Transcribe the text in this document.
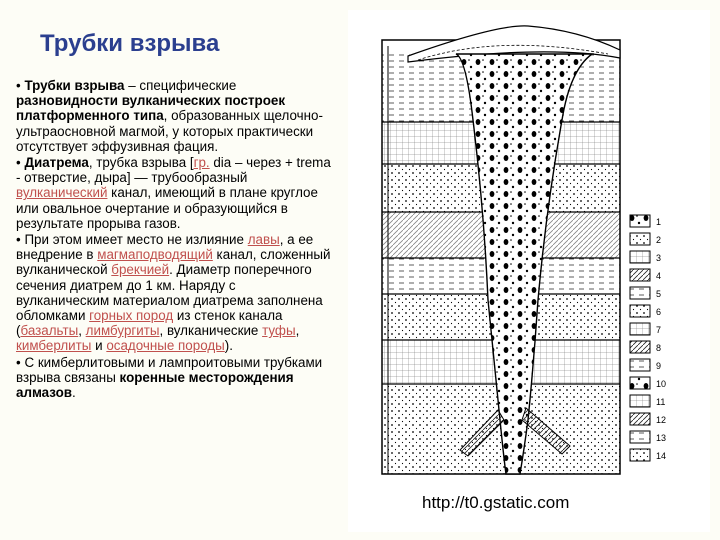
Трубки взрыва

• Трубки взрыва – специфические разновидности вулканических построек платформенного типа, образованных щелочно-ультраосновной магмой, у которых практически отсутствует эффузивная фация.

• Диатрема, трубка взрыва [гр. dia – через + trema - отверстие, дыра] — трубообразный вулканический канал, имеющий в плане круглое или овальное очертание и образующийся в результате прорыва газов.

• При этом имеет место не излияние лавы, а ее внедрение в магмаподводящий канал, сложенный вулканической брекчией. Диаметр поперечного сечения диатрем до 1 км. Наряду с вулканическим материалом диатрема заполнена обломками горных пород из стенок канала (базальты, лимбургиты, вулканические туфы, кимберлиты и осадочные породы).

• С кимберлитовыми и лампроитовыми трубками взрыва связаны коренные месторождения алмазов.

1
2
3
4
5
6
7
8
9
10
11
12
13
14
http://t0.gstatic.com
